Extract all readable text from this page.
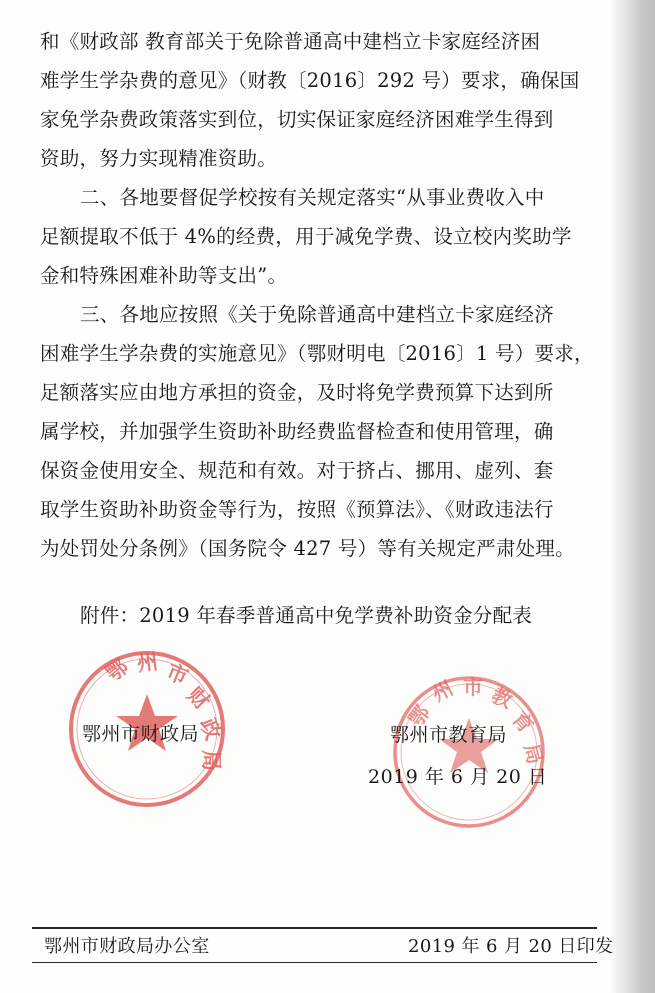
和《财政部 教育部关于免除普通高中建档立卡家庭经济困
难学生学杂费的意见》（财教〔2016〕292 号）要求，确保国
家免学杂费政策落实到位，切实保证家庭经济困难学生得到
资助，努力实现精准资助。
二、各地要督促学校按有关规定落实“从事业费收入中
足额提取不低于 4%的经费，用于减免学费、设立校内奖助学
金和特殊困难补助等支出”。
三、各地应按照《关于免除普通高中建档立卡家庭经济
困难学生学杂费的实施意见》（鄂财明电〔2016〕1 号）要求，
足额落实应由地方承担的资金，及时将免学费预算下达到所
属学校，并加强学生资助补助经费监督检查和使用管理，确
保资金使用安全、规范和有效。对于挤占、挪用、虚列、套
取学生资助补助资金等行为，按照《预算法》、《财政违法行
为处罚处分条例》（国务院令 427 号）等有关规定严肃处理。
附件：2019 年春季普通高中免学费补助资金分配表
鄂 州 市
财
政
局
鄂
州 市 教
育
局
鄂州市财政局	鄂州市教育局
2019 年 6 月 20 日
鄂州市财政局办公室	2019 年 6 月 20 日印发
